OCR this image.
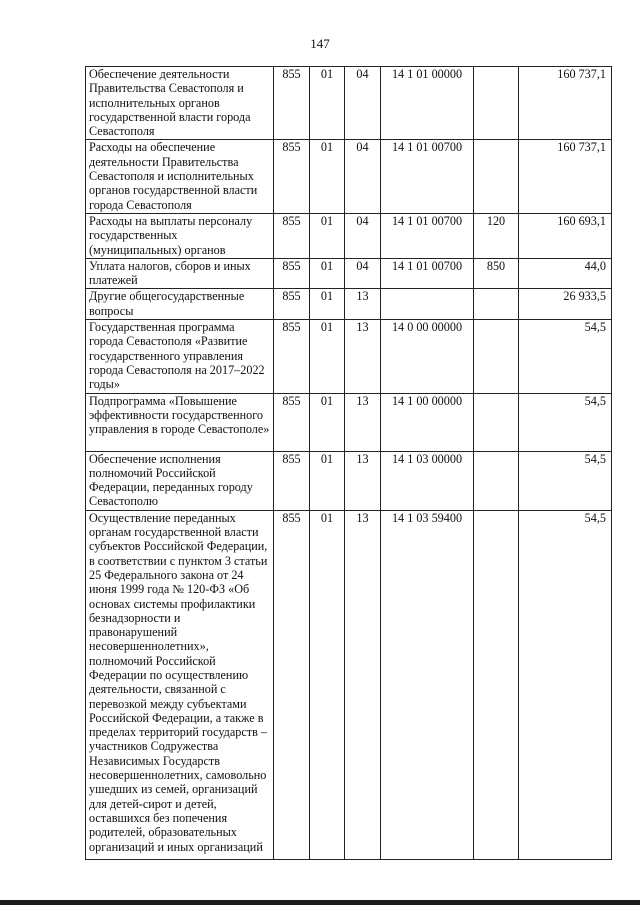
147
Обеспечение деятельности Правительства Севастополя и исполнительных органов государственной власти города Севастополя	855	01	04	14 1 01 00000		160 737,1
Расходы на обеспечение деятельности Правительства Севастополя и исполнительных органов государственной власти города Севастополя	855	01	04	14 1 01 00700		160 737,1
Расходы на выплаты персоналу государственных (муниципальных) органов	855	01	04	14 1 01 00700	120	160 693,1
Уплата налогов, сборов и иных платежей	855	01	04	14 1 01 00700	850	44,0
Другие общегосударственные вопросы	855	01	13			26 933,5
Государственная программа города Севастополя «Развитие государственного управления города Севастополя на 2017–2022 годы»	855	01	13	14 0 00 00000		54,5
Подпрограмма «Повышение эффективности государственного управления в городе Севастополе»	855	01	13	14 1 00 00000		54,5
Обеспечение исполнения полномочий Российской Федерации, переданных городу Севастополю	855	01	13	14 1 03 00000		54,5
Осуществление переданных органам государственной власти субъектов Российской Федерации, в соответствии с пунктом 3 статьи 25 Федерального закона от 24 июня 1999 года № 120-ФЗ «Об основах системы профилактики безнадзорности и правонарушений несовершеннолетних», полномочий Российской Федерации по осуществлению деятельности, связанной с перевозкой между субъектами Российской Федерации, а также в пределах территорий государств – участников Содружества Независимых Государств несовершеннолетних, самовольно ушедших из семей, организаций для детей-сирот и детей, оставшихся без попечения родителей, образовательных организаций и иных организаций	855	01	13	14 1 03 59400		54,5
